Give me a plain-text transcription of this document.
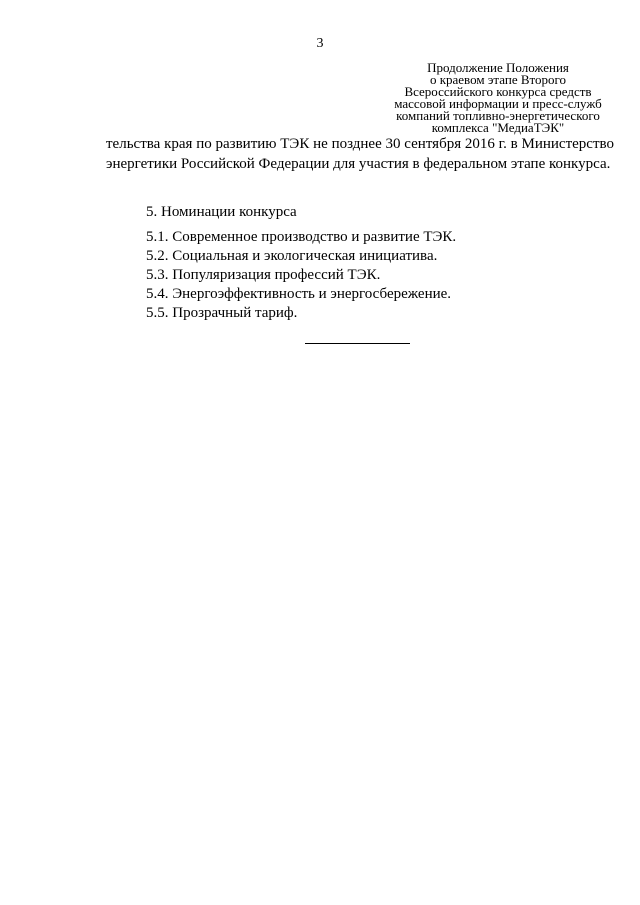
3
Продолжение Положения
о краевом этапе Второго
Всероссийского конкурса средств
массовой информации и пресс-служб
компаний топливно-энергетического
комплекса "МедиаТЭК"

тельства края по развитию ТЭК не позднее 30 сентября 2016 г. в Министерство энергетики Российской Федерации для участия в федеральном этапе конкурса.

5. Номинации конкурса
5.1. Современное производство и развитие ТЭК.
5.2. Социальная и экологическая инициатива.
5.3. Популяризация профессий ТЭК.
5.4. Энергоэффективность и энергосбережение.
5.5. Прозрачный тариф.
